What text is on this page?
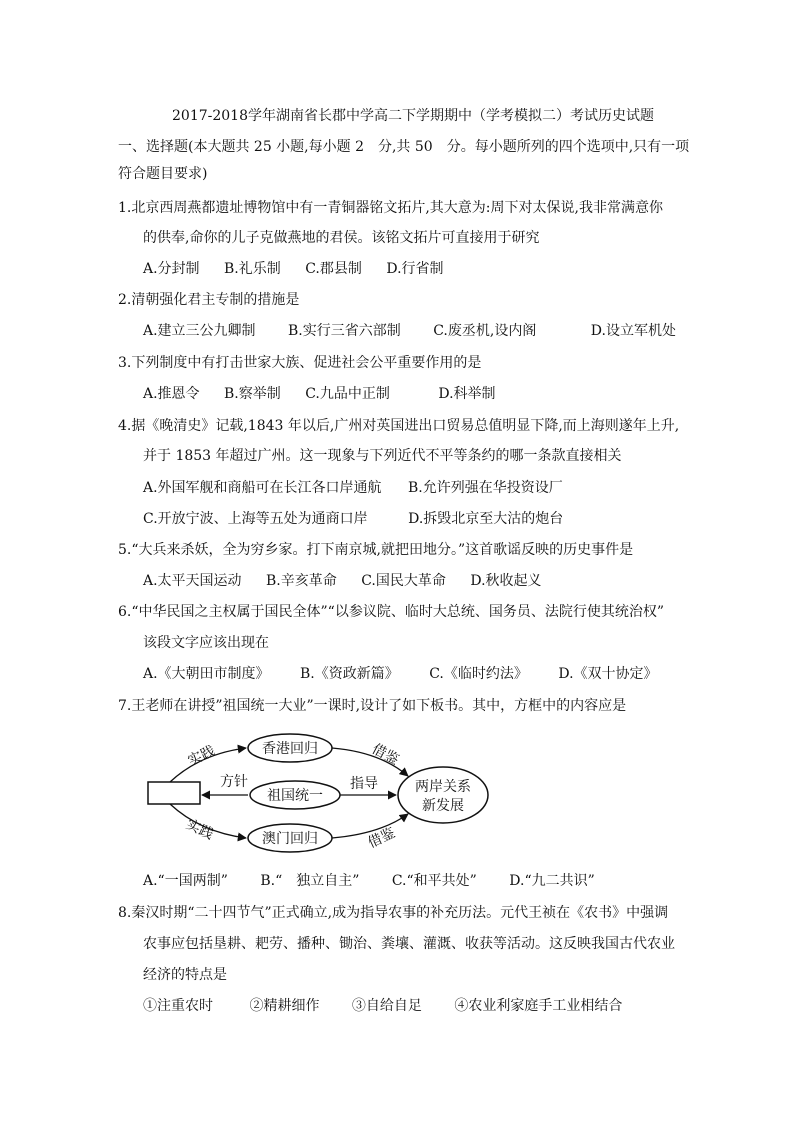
2017-2018学年湖南省长郡中学高二下学期期中（学考模拟二）考试历史试题
一、选择题(本大题共 25 小题,每小题 2　分,共 50　分。每小题所列的四个选项中,只有一项
符合题目要求)
1.北京西周燕都遗址博物馆中有一青铜器铭文拓片,其大意为:周下对太保说,我非常满意你
的供奉,命你的儿子克做燕地的君侯。该铭文拓片可直接用于研究
A.分封制 B.礼乐制 C.郡县制 D.行省制
2.清朝强化君主专制的措施是
A.建立三公九卿制 B.实行三省六部制 C.废丞机,设内阁	D.设立军机处
3.下列制度中有打击世家大族、促进社会公平重要作用的是
A.推恩令 B.察举制 C.九品中正制	D.科举制
4.据《晚清史》记载,1843 年以后,广州对英国进出口贸易总值明显下降,而上海则遂年上升,
并于 1853 年超过广州。这一现象与下列近代不平等条约的哪一条款直接相关
A.外国军舰和商船可在长江各口岸通航 B.允许列强在华投资设厂
C.开放宁波、上海等五处为通商口岸	D.拆毁北京至大沽的炮台
5.“大兵来杀妖，全为穷乡家。打下南京城,就把田地分。”这首歌谣反映的历史事件是
A.太平天国运动 B.辛亥革命 C.国民大革命 D.秋收起义
6.“中华民国之主权属于国民全体”“以参议院、临时大总统、国务员、法院行使其统治权”
该段文字应该出现在
A.《大朝田市制度》 B.《资政新篇》 C.《临时约法》 D.《双十协定》
7.王老师在讲授”祖国统一大业”一课时,设计了如下板书。其中，方框中的内容应是
香港回归
祖国统一
澳门回归
两岸关系
新发展
实践
方针	指导
借鉴
实践	借鉴
A.“一国两制” B.“　独立自主” C.“和平共处” D.“九二共识”
8.秦汉时期“二十四节气”正式确立,成为指导农事的补充历法。元代王祯在《农书》中强调
农事应包括垦耕、耙劳、播种、锄治、粪壤、灌溉、收获等活动。这反映我国古代农业
经济的特点是
①注重农时	②精耕细作 ③自给自足 ④农业利家庭手工业相结合
